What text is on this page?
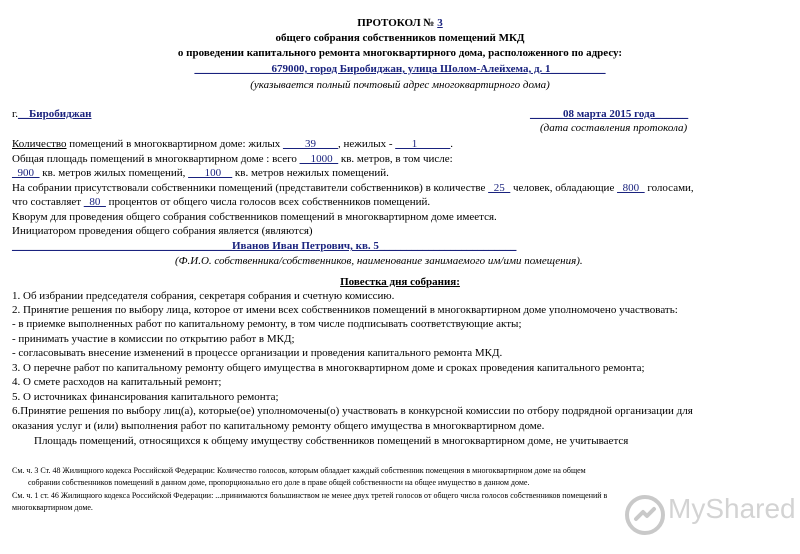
ПРОТОКОЛ № 3
общего собрания собственников помещений МКД
о проведении капитального ремонта многоквартирного дома, расположенного по адресу:
______________679000, город Биробиджан, улица Шолом-Алейхема, д. 1__________
(указывается полный почтовый адрес многоквартирного дома)
г.__Биробиджан	______08 марта 2015 года______
(дата составления протокола)
Количество помещений в многоквартирном доме: жилых ____39____, нежилых - ___1______.
Общая площадь помещений в многоквартирном доме : всего __1000_ кв. метров, в том числе:
_900_ кв. метров жилых помещений, ___100__ кв. метров нежилых помещений.
На собрании присутствовали собственники помещений (представители собственников) в количестве _25_ человек, обладающие _800_ голосами,
что составляет _80_ процентов от общего числа голосов всех собственников помещений.
Кворум для проведения общего собрания собственников помещений в многоквартирном доме имеется.
Инициатором проведения общего собрания является (являются)
________________________________________Иванов Иван Петрович, кв. 5_________________________
(Ф.И.О. собственника/собственников, наименование занимаемого им/ими помещения).
Повестка дня собрания:
1. Об избрании председателя собрания, секретаря собрания и счетную комиссию.
2. Принятие решения по выбору лица, которое от имени всех собственников помещений в многоквартирном доме уполномочено участвовать:
- в приемке выполненных работ по капитальному ремонту, в том числе подписывать соответствующие акты;
- принимать участие в комиссии по открытию работ в МКД;
- согласовывать внесение изменений в процессе организации и проведения капитального ремонта МКД.
3. О перечне работ по капитальному ремонту общего имущества в многоквартирном доме и сроках проведения капитального ремонта;
4. О смете расходов на капитальный ремонт;
5. О источниках финансирования капитального ремонта;
6.Принятие решения по выбору лиц(а), которые(ое) уполномочены(о) участвовать в конкурсной комиссии по отбору подрядной организации для
оказания услуг и (или) выполнения работ по капитальному ремонту общего имущества в многоквартирном доме.
Площадь помещений, относящихся к общему имуществу собственников помещений в многоквартирном доме, не учитывается
См. ч. 3 Ст. 48 Жилищного кодекса Российской Федерации: Количество голосов, которым обладает каждый собственник помещения в многоквартирном доме на общем
собрании собственников помещений в данном доме, пропорционально его доле в праве общей собственности на общее имущество в данном доме.
См. ч. 1 ст. 46 Жилищного кодекса Российской Федерации: ...принимаются большинством не менее двух третей голосов от общего числа голосов собственников помещений в
многоквартирном доме.	MyShared
